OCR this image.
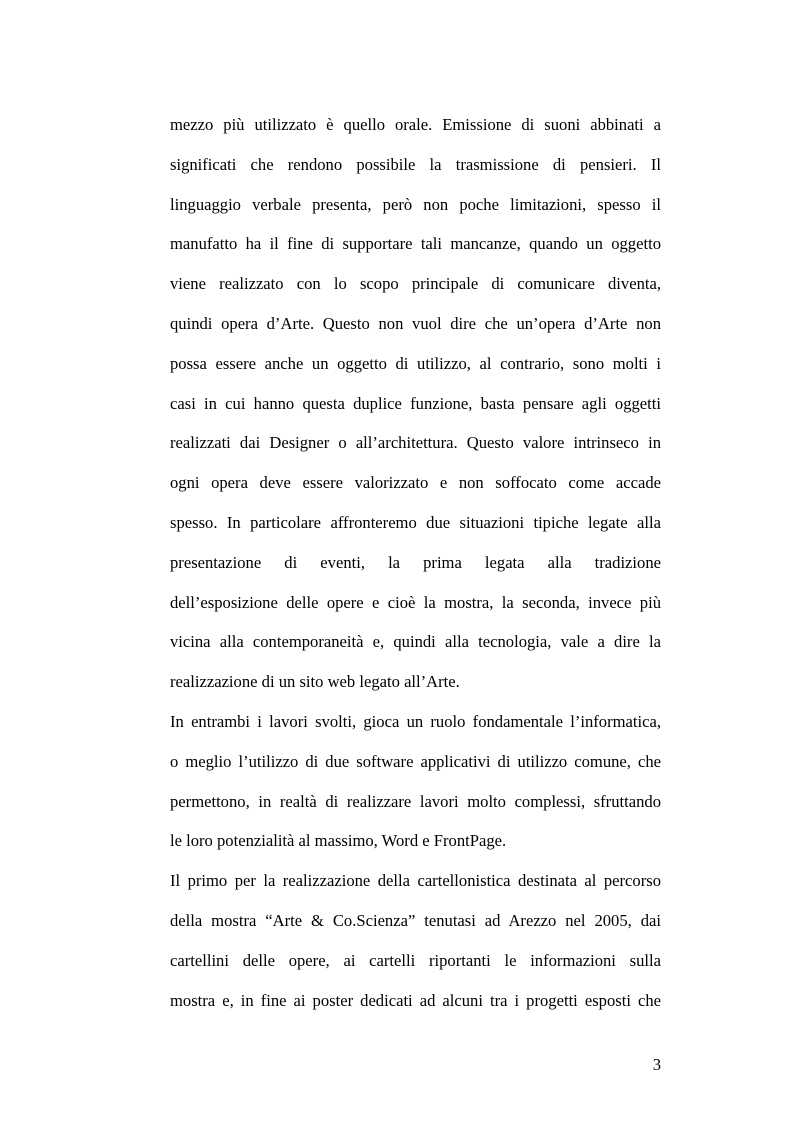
mezzo più utilizzato è quello orale. Emissione di suoni abbinati a
significati che rendono possibile la trasmissione di pensieri. Il
linguaggio verbale presenta, però non poche limitazioni, spesso il
manufatto ha il fine di supportare tali mancanze, quando un oggetto
viene realizzato con lo scopo principale di comunicare diventa,
quindi opera d’Arte. Questo non vuol dire che un’opera d’Arte non
possa essere anche un oggetto di utilizzo, al contrario, sono molti i
casi in cui hanno questa duplice funzione, basta pensare agli oggetti
realizzati dai Designer o all’architettura. Questo valore intrinseco in
ogni opera deve essere valorizzato e non soffocato come accade
spesso. In particolare affronteremo due situazioni tipiche legate alla
presentazione di eventi, la prima legata alla tradizione
dell’esposizione delle opere e cioè la mostra, la seconda, invece più
vicina alla contemporaneità e, quindi alla tecnologia, vale a dire la
realizzazione di un sito web legato all’Arte.
In entrambi i lavori svolti, gioca un ruolo fondamentale l’informatica,
o meglio l’utilizzo di due software applicativi di utilizzo comune, che
permettono, in realtà di realizzare lavori molto complessi, sfruttando
le loro potenzialità al massimo, Word e FrontPage.
Il primo per la realizzazione della cartellonistica destinata al percorso
della mostra “Arte & Co.Scienza” tenutasi ad Arezzo nel 2005, dai
cartellini delle opere, ai cartelli riportanti le informazioni sulla
mostra e, in fine ai poster dedicati ad alcuni tra i progetti esposti che
3
